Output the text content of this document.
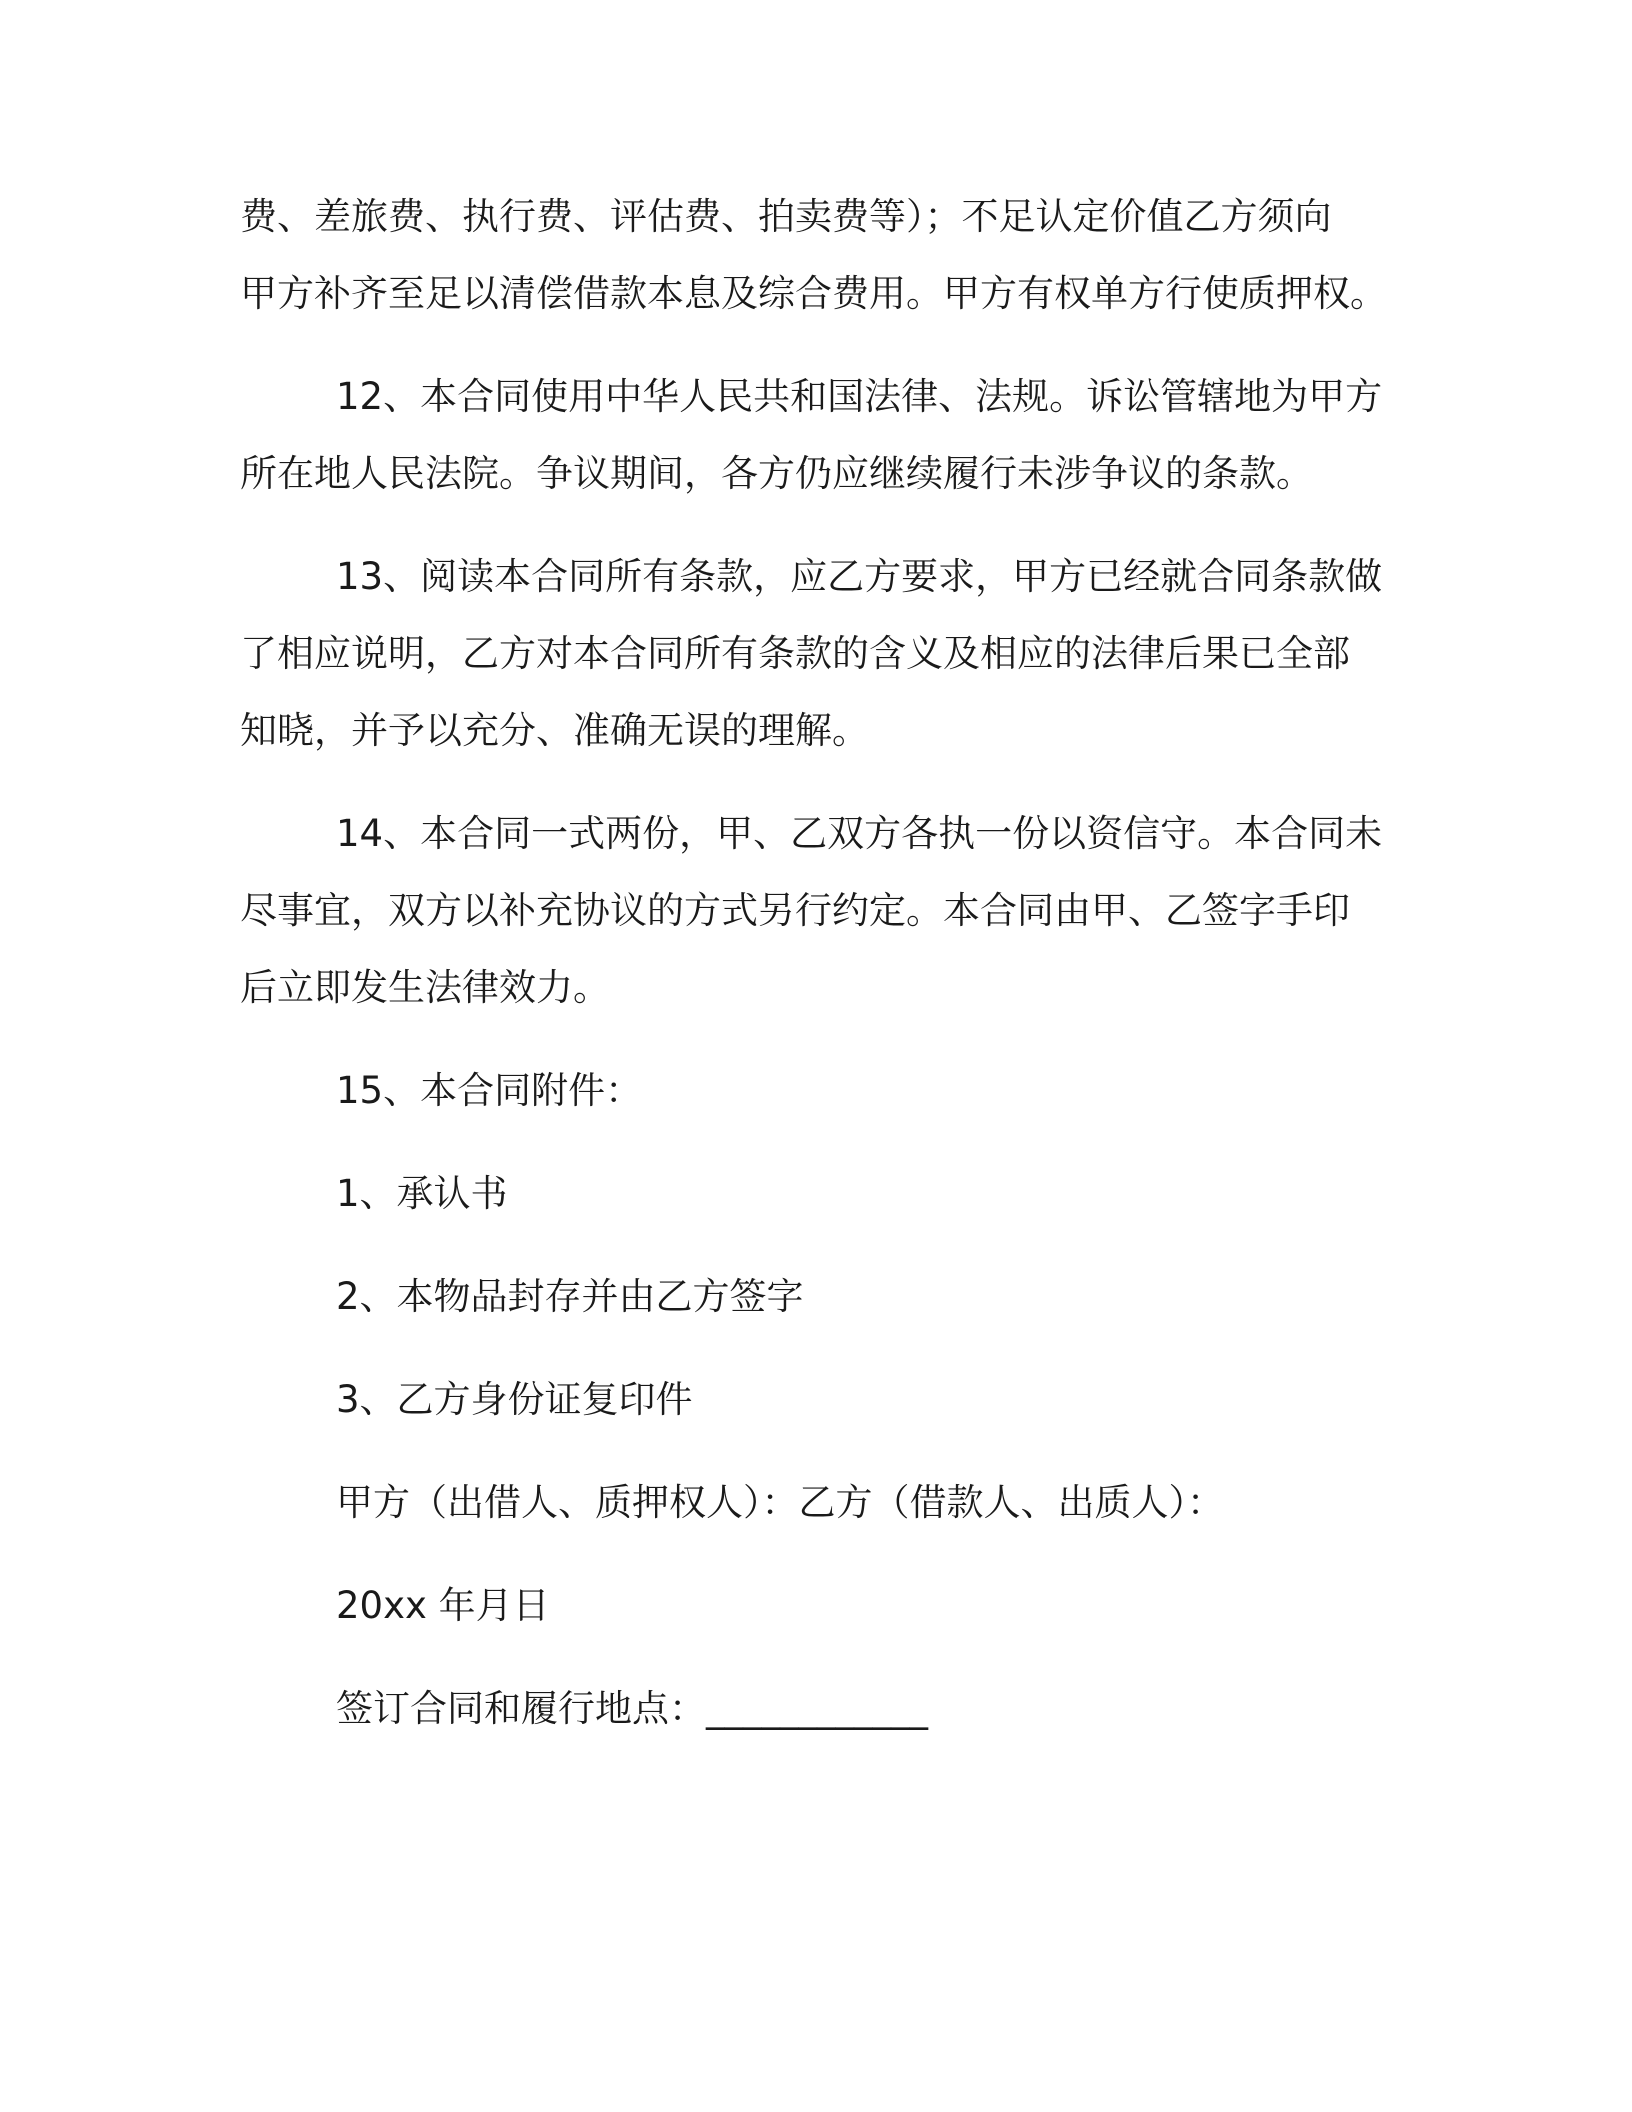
费、差旅费、执行费、评估费、拍卖费等）；不足认定价值乙方须向
甲方补齐至足以清偿借款本息及综合费用。甲方有权单方行使质押权。

12、本合同使用中华人民共和国法律、法规。诉讼管辖地为甲方
所在地人民法院。争议期间，各方仍应继续履行未涉争议的条款。

13、阅读本合同所有条款，应乙方要求，甲方已经就合同条款做
了相应说明，乙方对本合同所有条款的含义及相应的法律后果已全部
知晓，并予以充分、准确无误的理解。

14、本合同一式两份，甲、乙双方各执一份以资信守。本合同未
尽事宜，双方以补充协议的方式另行约定。本合同由甲、乙签字手印
后立即发生法律效力。

15、本合同附件：

1、承认书

2、本物品封存并由乙方签字

3、乙方身份证复印件

甲方（出借人、质押权人）：乙方（借款人、出质人）：

20xx 年月日

签订合同和履行地点：____________
